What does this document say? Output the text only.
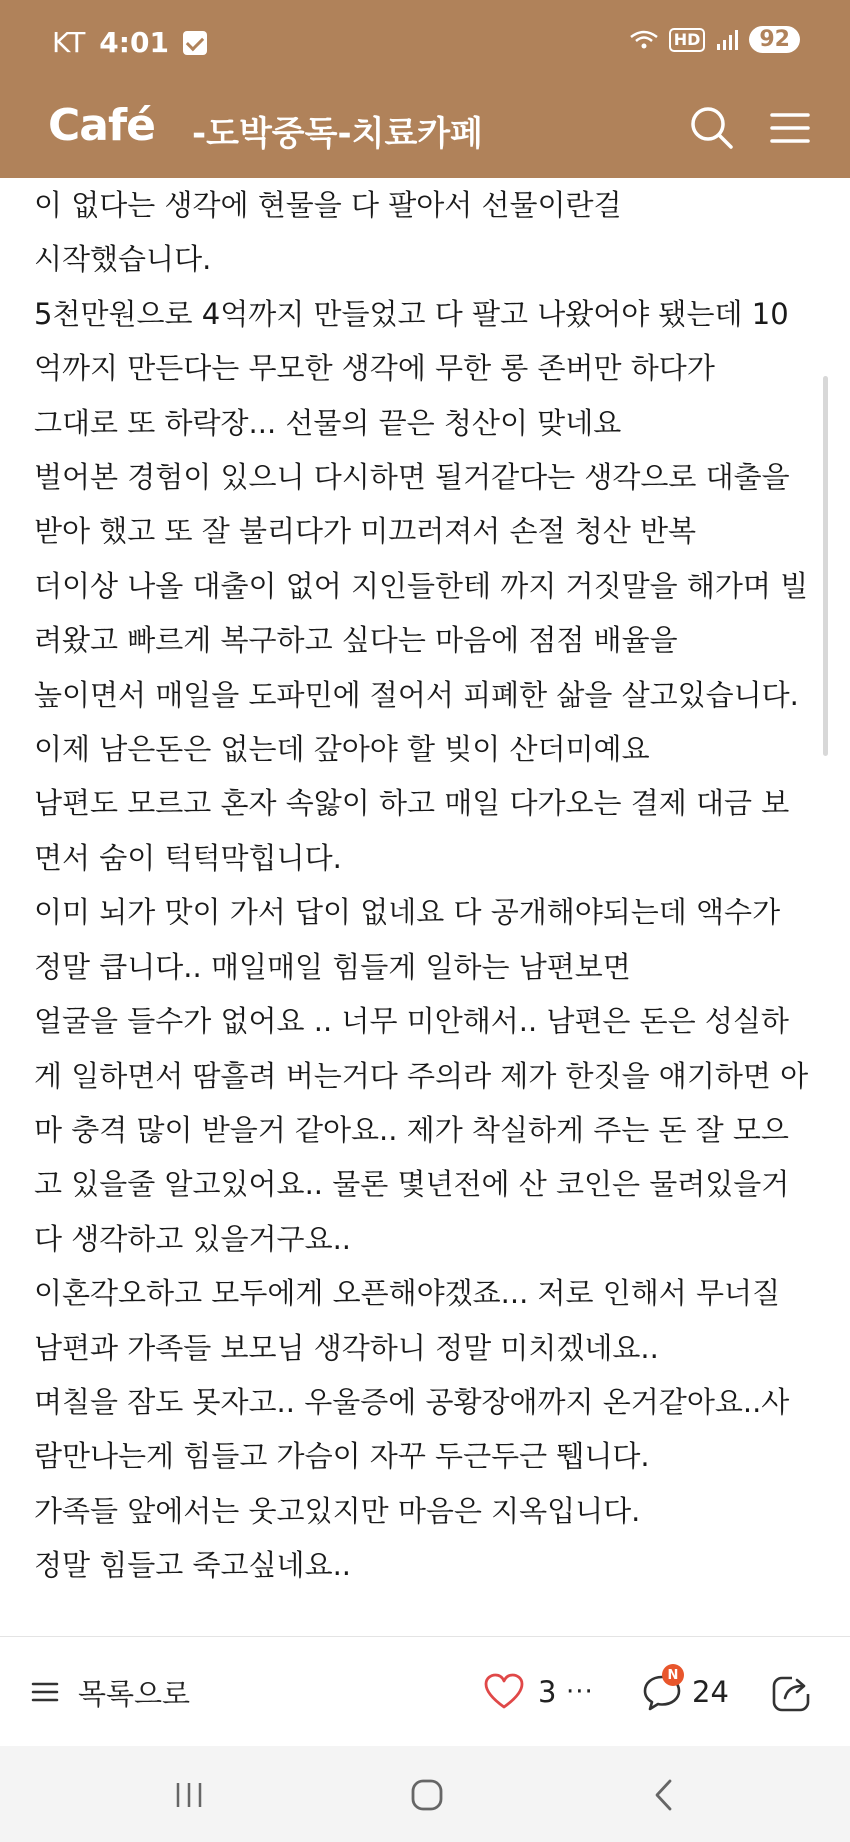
KT 4:01	HD	92
Café -도박중독-치료카페
이 없다는 생각에 현물을 다 팔아서 선물이란걸
시작했습니다.
5천만원으로 4억까지 만들었고 다 팔고 나왔어야 됐는데 10
억까지 만든다는 무모한 생각에 무한 롱 존버만 하다가
그대로 또 하락장... 선물의 끝은 청산이 맞네요
벌어본 경험이 있으니 다시하면 될거같다는 생각으로 대출을
받아 했고 또 잘 불리다가 미끄러져서 손절 청산 반복
더이상 나올 대출이 없어 지인들한테 까지 거짓말을 해가며 빌
려왔고 빠르게 복구하고 싶다는 마음에 점점 배율을
높이면서 매일을 도파민에 절어서 피폐한 삶을 살고있습니다.
이제 남은돈은 없는데 갚아야 할 빚이 산더미예요
남편도 모르고 혼자 속앓이 하고 매일 다가오는 결제 대금 보
면서 숨이 턱턱막힙니다.
이미 뇌가 맛이 가서 답이 없네요 다 공개해야되는데 액수가
정말 큽니다.. 매일매일 힘들게 일하는 남편보면
얼굴을 들수가 없어요 .. 너무 미안해서.. 남편은 돈은 성실하
게 일하면서 땀흘려 버는거다 주의라 제가 한짓을 얘기하면 아
마 충격 많이 받을거 같아요.. 제가 착실하게 주는 돈 잘 모으
고 있을줄 알고있어요.. 물론 몇년전에 산 코인은 물려있을거
다 생각하고 있을거구요..
이혼각오하고 모두에게 오픈해야겠죠... 저로 인해서 무너질
남편과 가족들 보모님 생각하니 정말 미치겠네요..
며칠을 잠도 못자고.. 우울증에 공황장애까지 온거같아요..사
람만나는게 힘들고 가슴이 자꾸 두근두근 뛥니다.
가족들 앞에서는 웃고있지만 마음은 지옥입니다.
정말 힘들고 죽고싶네요..
목록으로	3 ···
N 24
